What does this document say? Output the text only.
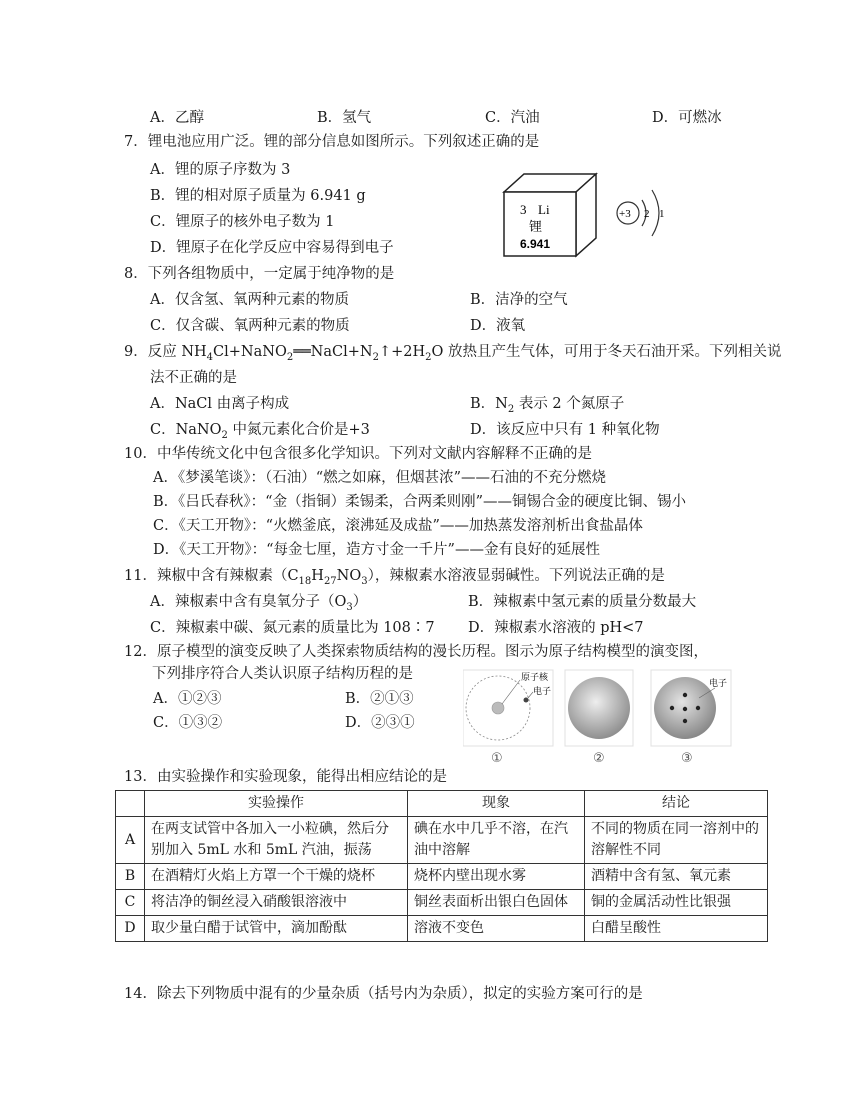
A．乙醇	B．氢气	C．汽油	D．可燃冰
7．锂电池应用广泛。锂的部分信息如图所示。下列叙述正确的是
A．锂的原子序数为 3
B．锂的相对原子质量为 6.941 g
C．锂原子的核外电子数为 1
D．锂原子在化学反应中容易得到电子
3 Li
锂
6.941
+3 2 1
8．下列各组物质中，一定属于纯净物的是
A．仅含氢、氧两种元素的物质	B．洁净的空气
C．仅含碳、氧两种元素的物质	D．液氧
9．反应 $NH_4Cl+NaNO_2══NaCl+N_2↑+2H_2O$ 放热且产生气体，可用于冬天石油开采。下列相关说
法不正确的是
A．NaCl 由离子构成	B．$N_2$ 表示 2 个氮原子
C．NaNO$_2$ 中氮元素化合价是+3	D．该反应中只有 1 种氧化物
10．中华传统文化中包含很多化学知识。下列对文献内容解释不正确的是
A．《梦溪笔谈》：（石油）“燃之如麻，但烟甚浓”——石油的不充分燃烧
B．《吕氏春秋》：“金（指铜）柔锡柔，合两柔则刚”——铜锡合金的硬度比铜、锡小
C．《天工开物》：“火燃釜底，滚沸延及成盐”——加热蒸发溶剂析出食盐晶体
D．《天工开物》：“每金七厘，造方寸金一千片”——金有良好的延展性
11．辣椒中含有辣椒素$(C_{18}H_{27}NO_3)$，辣椒素水溶液显弱碱性。下列说法正确的是
A．辣椒素中含有臭氧分子$(O_3)$	B．辣椒素中氢元素的质量分数最大
C．辣椒素中碳、氮元素的质量比为 108∶7 D．辣椒素水溶液的 pH<7
12．原子模型的演变反映了人类探索物质结构的漫长历程。图示为原子结构模型的演变图，
下列排序符合人类认识原子结构历程的是
A．①②③	B．②①③
C．①③②	D．②③①
原子核
电子
电子
①	②	③
13．由实验操作和实验现象，能得出相应结论的是
	实验操作	现象	结论
A	在两支试管中各加入一小粒碘，然后分别加入 5mL 水和 5mL 汽油，振荡	碘在水中几乎不溶，在汽油中溶解	不同的物质在同一溶剂中的溶解性不同
B	在酒精灯火焰上方罩一个干燥的烧杯	烧杯内壁出现水雾	酒精中含有氢、氧元素
C	将洁净的铜丝浸入硝酸银溶液中	铜丝表面析出银白色固体	铜的金属活动性比银强
D	取少量白醋于试管中，滴加酚酞	溶液不变色	白醋呈酸性
14．除去下列物质中混有的少量杂质（括号内为杂质），拟定的实验方案可行的是
